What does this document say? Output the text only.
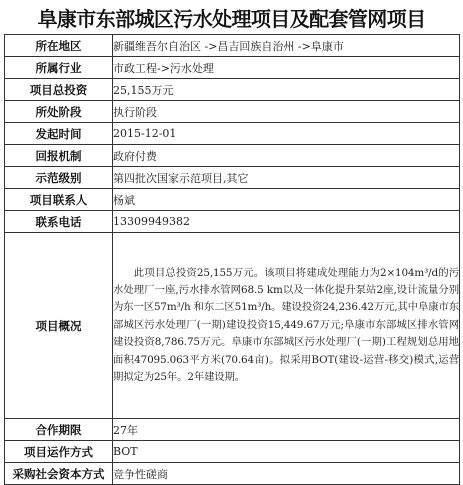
阜康市东部城区污水处理项目及配套管网项目
所在地区	新疆维吾尔自治区 ->昌吉回族自治州 ->阜康市
所属行业	市政工程->污水处理
项目总投资	25,155万元
所处阶段	执行阶段
发起时间	2015-12-01
回报机制	政府付费
示范级别	第四批次国家示范项目,其它
项目联系人	杨斌
联系电话	13309949382
项目概况	此项目总投资25,155万元。该项目将建成处理能力为2×104m³/d的污水处理厂一座,污水排水管网68.5 km以及一体化提升泵站2座,设计流量分别为东一区57m³/h 和东二区51m³/h。建设投资24,236.42万元,其中阜康市东部城区污水处理厂(一期)建设投资15,449.67万元;阜康市东部城区排水管网建设投资8,786.75万元。阜康市东部城区污水处理厂(一期)工程规划总用地面积47095.063平方米(70.64亩)。拟采用BOT(建设-运营-移交)模式,运营期拟定为25年。2年建设期。
合作期限	27年
项目运作方式	BOT
采购社会资本方式	竞争性磋商
